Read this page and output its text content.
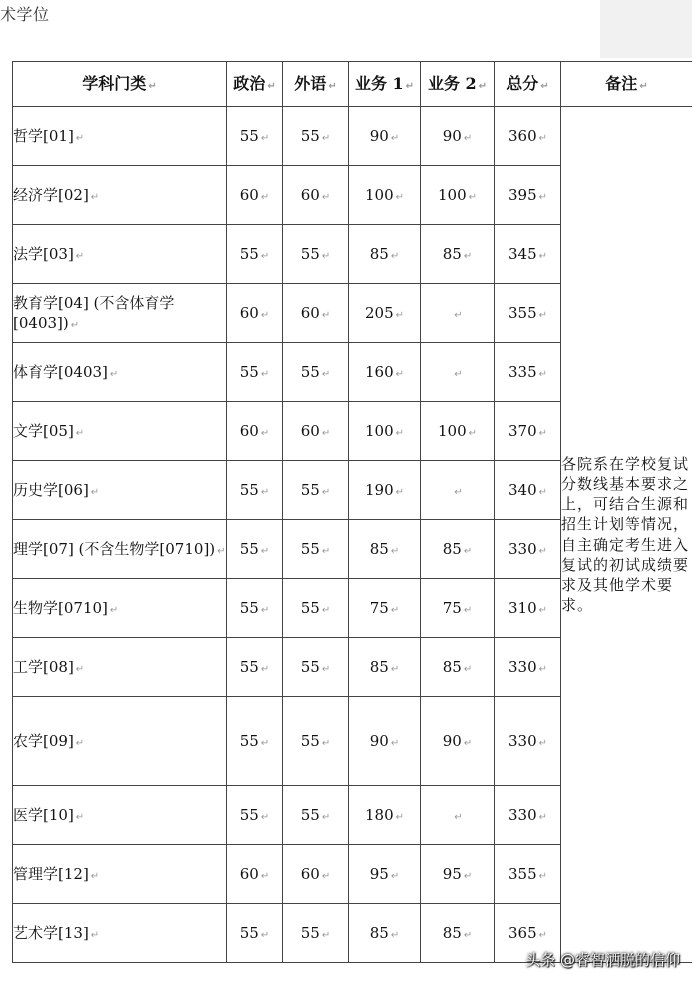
术学位
学科门类 ↵	政治 ↵	外语 ↵	业务 1 ↵	业务 2 ↵	总分 ↵	备注 ↵
哲学[01] ↵	55 ↵	55 ↵	90 ↵	90 ↵	360 ↵	各院系在学校复试分数线基本要求之上，可结合生源和招生计划等情况，自主确定考生进入复试的初试成绩要求及其他学术要求。
经济学[02] ↵	60 ↵	60 ↵	100 ↵	100 ↵	395 ↵	
法学[03] ↵	55 ↵	55 ↵	85 ↵	85 ↵	345 ↵	
教育学[04] (不含体育学[0403]) ↵	60 ↵	60 ↵	205 ↵	↵	355 ↵	
体育学[0403] ↵	55 ↵	55 ↵	160 ↵	↵	335 ↵	
文学[05] ↵	60 ↵	60 ↵	100 ↵	100 ↵	370 ↵	
历史学[06] ↵	55 ↵	55 ↵	190 ↵	↵	340 ↵	
理学[07] (不含生物学[0710]) ↵	55 ↵	55 ↵	85 ↵	85 ↵	330 ↵	
生物学[0710] ↵	55 ↵	55 ↵	75 ↵	75 ↵	310 ↵	
工学[08] ↵	55 ↵	55 ↵	85 ↵	85 ↵	330 ↵	
农学[09] ↵	55 ↵	55 ↵	90 ↵	90 ↵	330 ↵	
医学[10] ↵	55 ↵	55 ↵	180 ↵	↵	330 ↵	
管理学[12] ↵	60 ↵	60 ↵	95 ↵	95 ↵	355 ↵	
艺术学[13] ↵	55 ↵	55 ↵	85 ↵	85 ↵	365 ↵	
头条 @睿智洒脱的信仰
